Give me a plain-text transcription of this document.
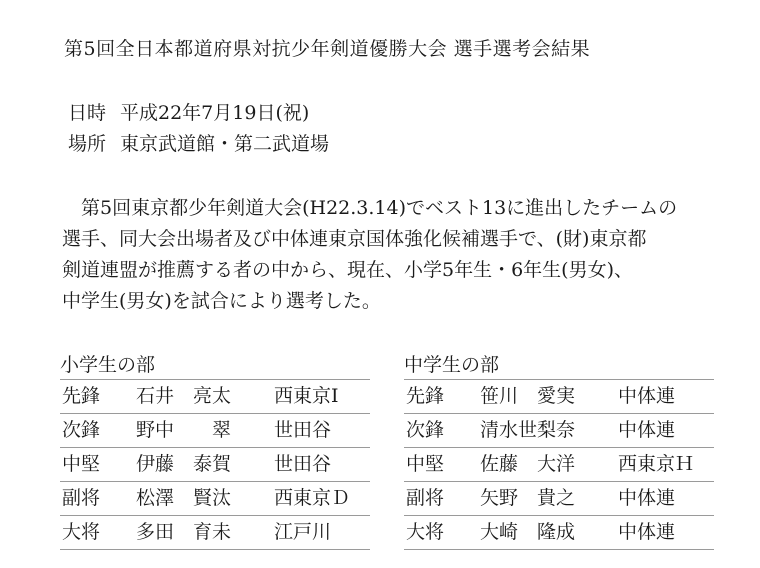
第5回全日本都道府県対抗少年剣道優勝大会 選手選考会結果
日時 平成22年7月19日(祝)
場所 東京武道館・第二武道場

　第5回東京都少年剣道大会(H22.3.14)でベスト13に進出したチームの

選手、同大会出場者及び中体連東京国体強化候補選手で、(財)東京都

剣道連盟が推薦する者の中から、現在、小学5年生・6年生(男女)、

中学生(男女)を試合により選考した。

小学生の部
先鋒	石井　亮太	西東京Ⅰ
次鋒	野中　　翠	世田谷
中堅	伊藤　泰賀	世田谷
副将	松澤　賢汰	西東京Ｄ
大将	多田　育未	江戸川
中学生の部
先鋒	笹川　愛実	中体連
次鋒	清水世梨奈	中体連
中堅	佐藤　大洋	西東京Ｈ
副将	矢野　貴之	中体連
大将	大崎　隆成	中体連
